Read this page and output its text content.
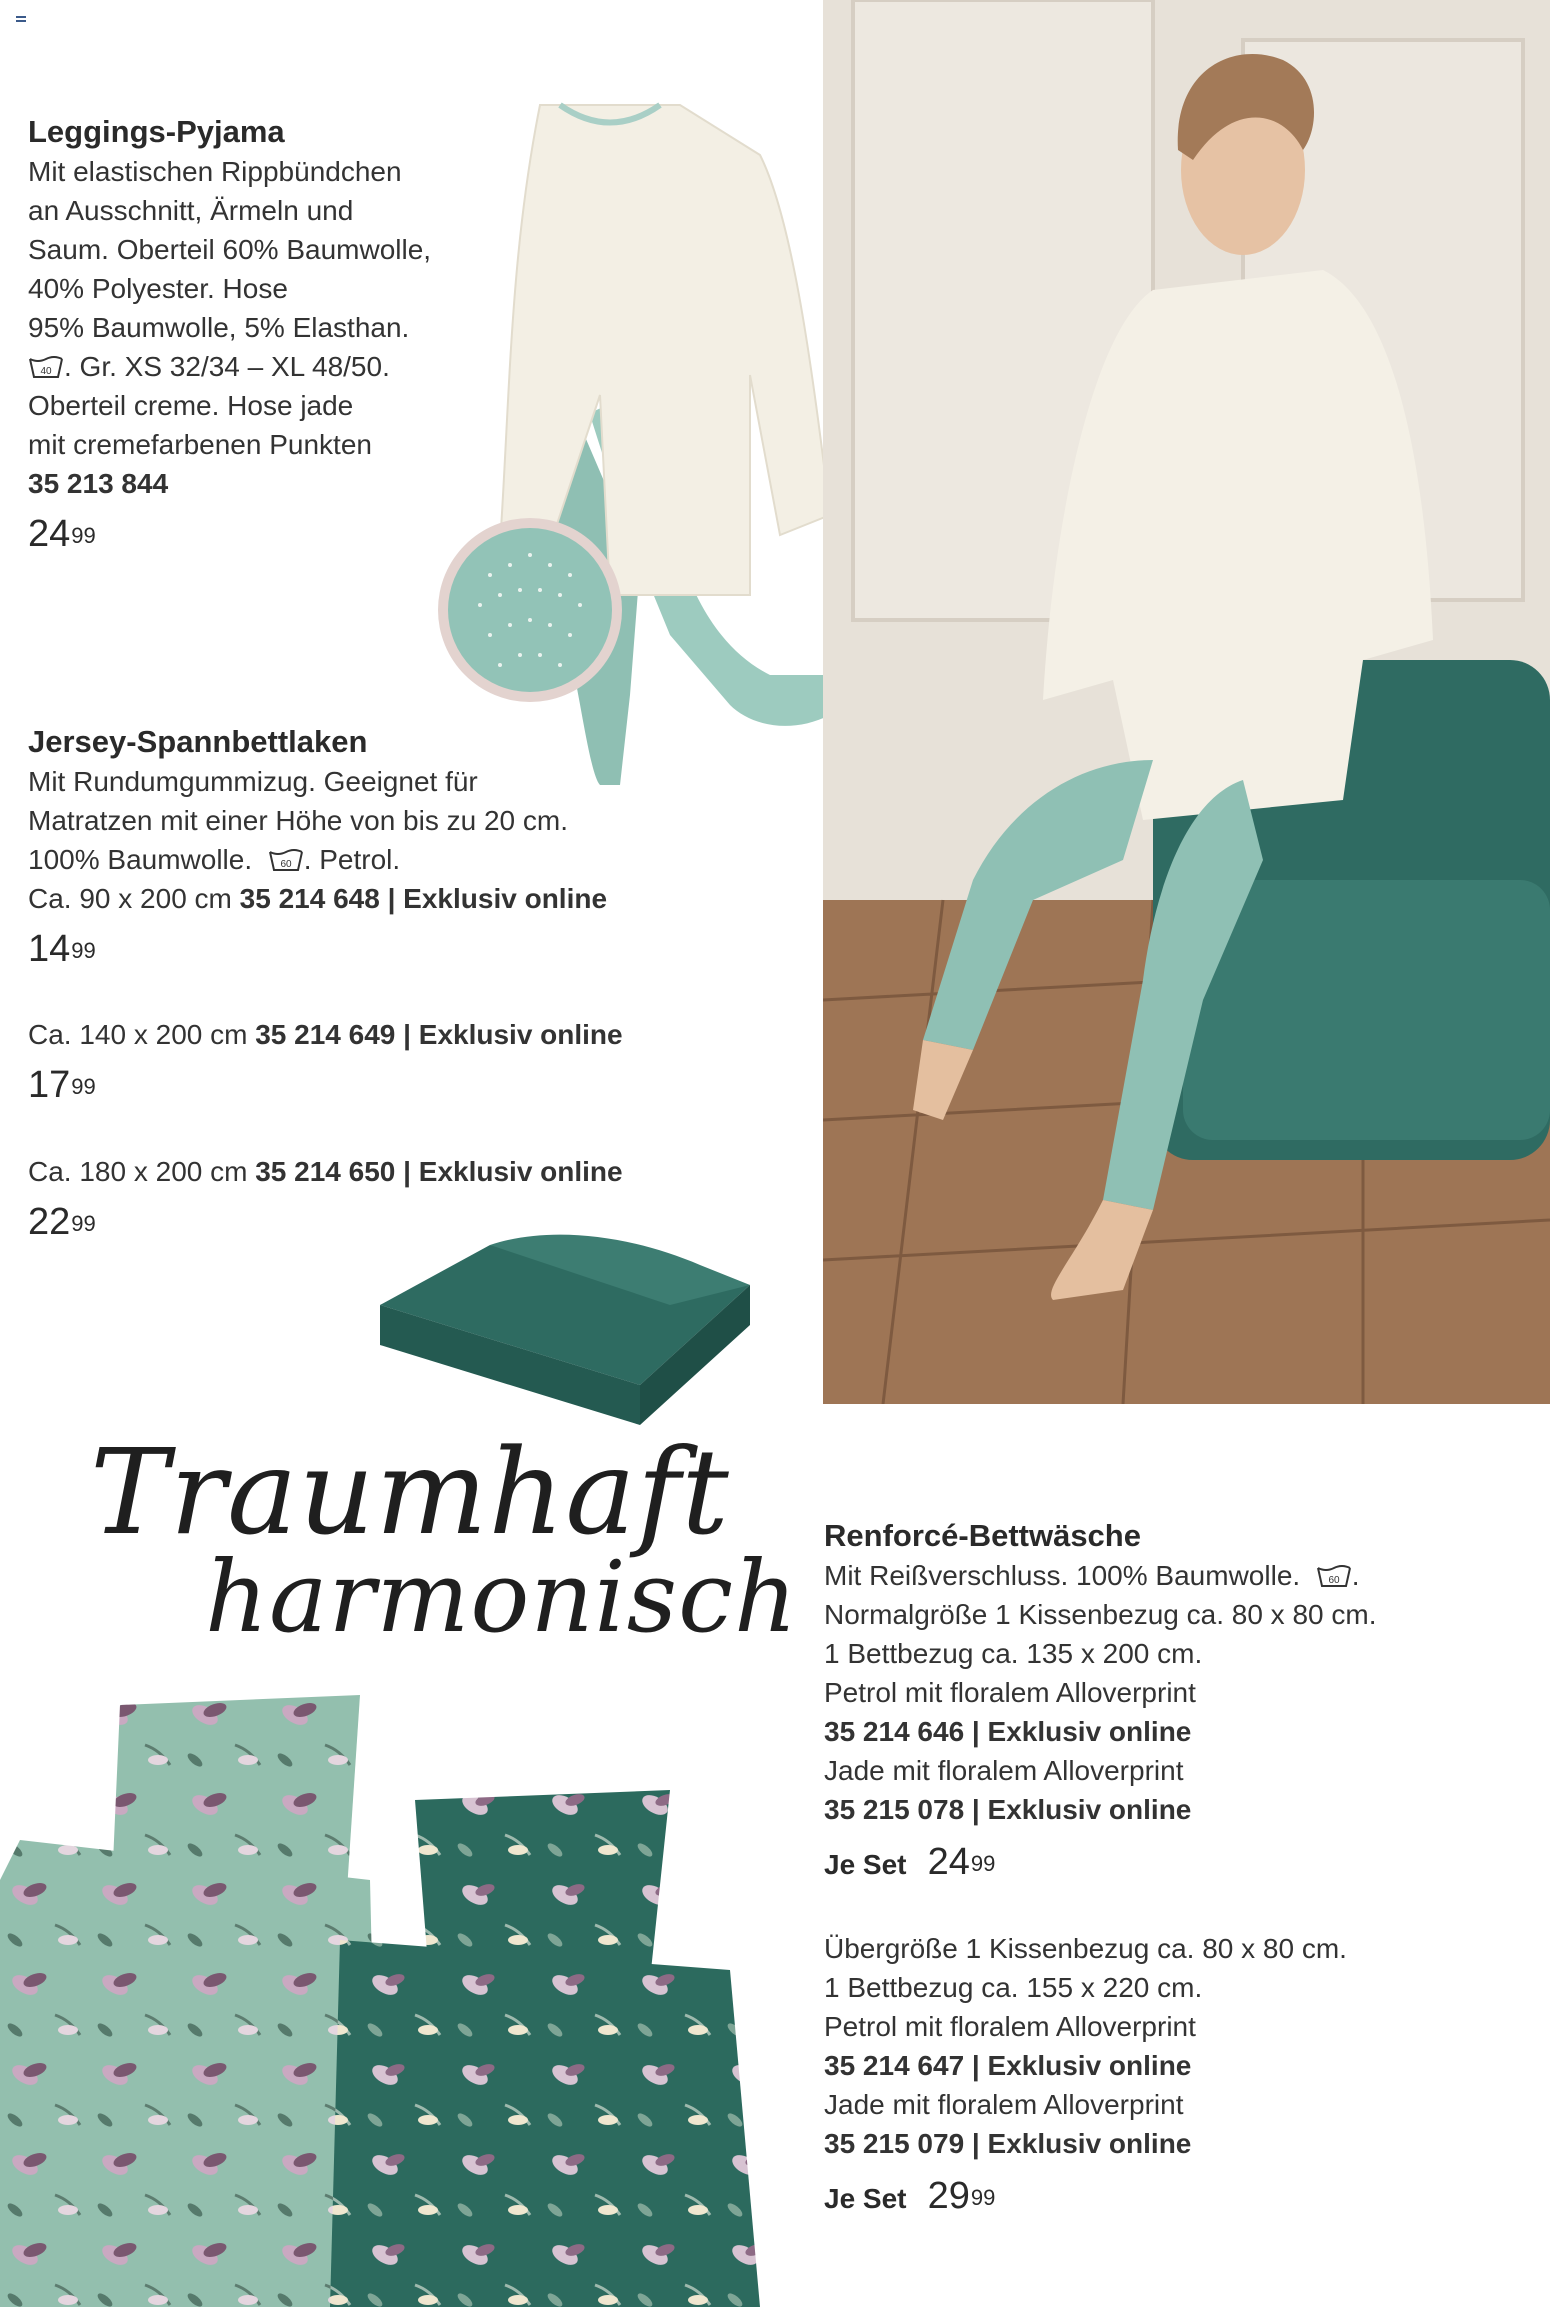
Leggings-Pyjama

Mit elastischen Rippbündchen

an Ausschnitt, Ärmeln und

Saum. Oberteil 60% Baumwolle,

40% Polyester. Hose

95% Baumwolle, 5% Elasthan.

40 . Gr. XS 32/34 – XL 48/50.

Oberteil creme. Hose jade

mit cremefarbenen Punkten

35 213 844

$24^{99}$

Jersey-Spannbettlaken

Mit Rundumgummizug. Geeignet für

Matratzen mit einer Höhe von bis zu 20 cm.

100% Baumwolle.	60 . Petrol.

Ca. 90 x 200 cm 35 214 648 | Exklusiv online

$14^{99}$

Ca. 140 x 200 cm 35 214 649 | Exklusiv online

$17^{99}$

Ca. 180 x 200 cm 35 214 650 | Exklusiv online

$22^{99}$

Traumhaft
harmonisch

Renforcé-Bettwäsche

Mit Reißverschluss. 100% Baumwolle.	60 .

Normalgröße 1 Kissenbezug ca. 80 x 80 cm.

1 Bettbezug ca. 135 x 200 cm.

Petrol mit floralem Alloverprint

35 214 646 | Exklusiv online

Jade mit floralem Alloverprint

35 215 078 | Exklusiv online

Je Set $24^{99}$

Übergröße 1 Kissenbezug ca. 80 x 80 cm.

1 Bettbezug ca. 155 x 220 cm.

Petrol mit floralem Alloverprint

35 214 647 | Exklusiv online

Jade mit floralem Alloverprint

35 215 079 | Exklusiv online

Je Set $29^{99}$
